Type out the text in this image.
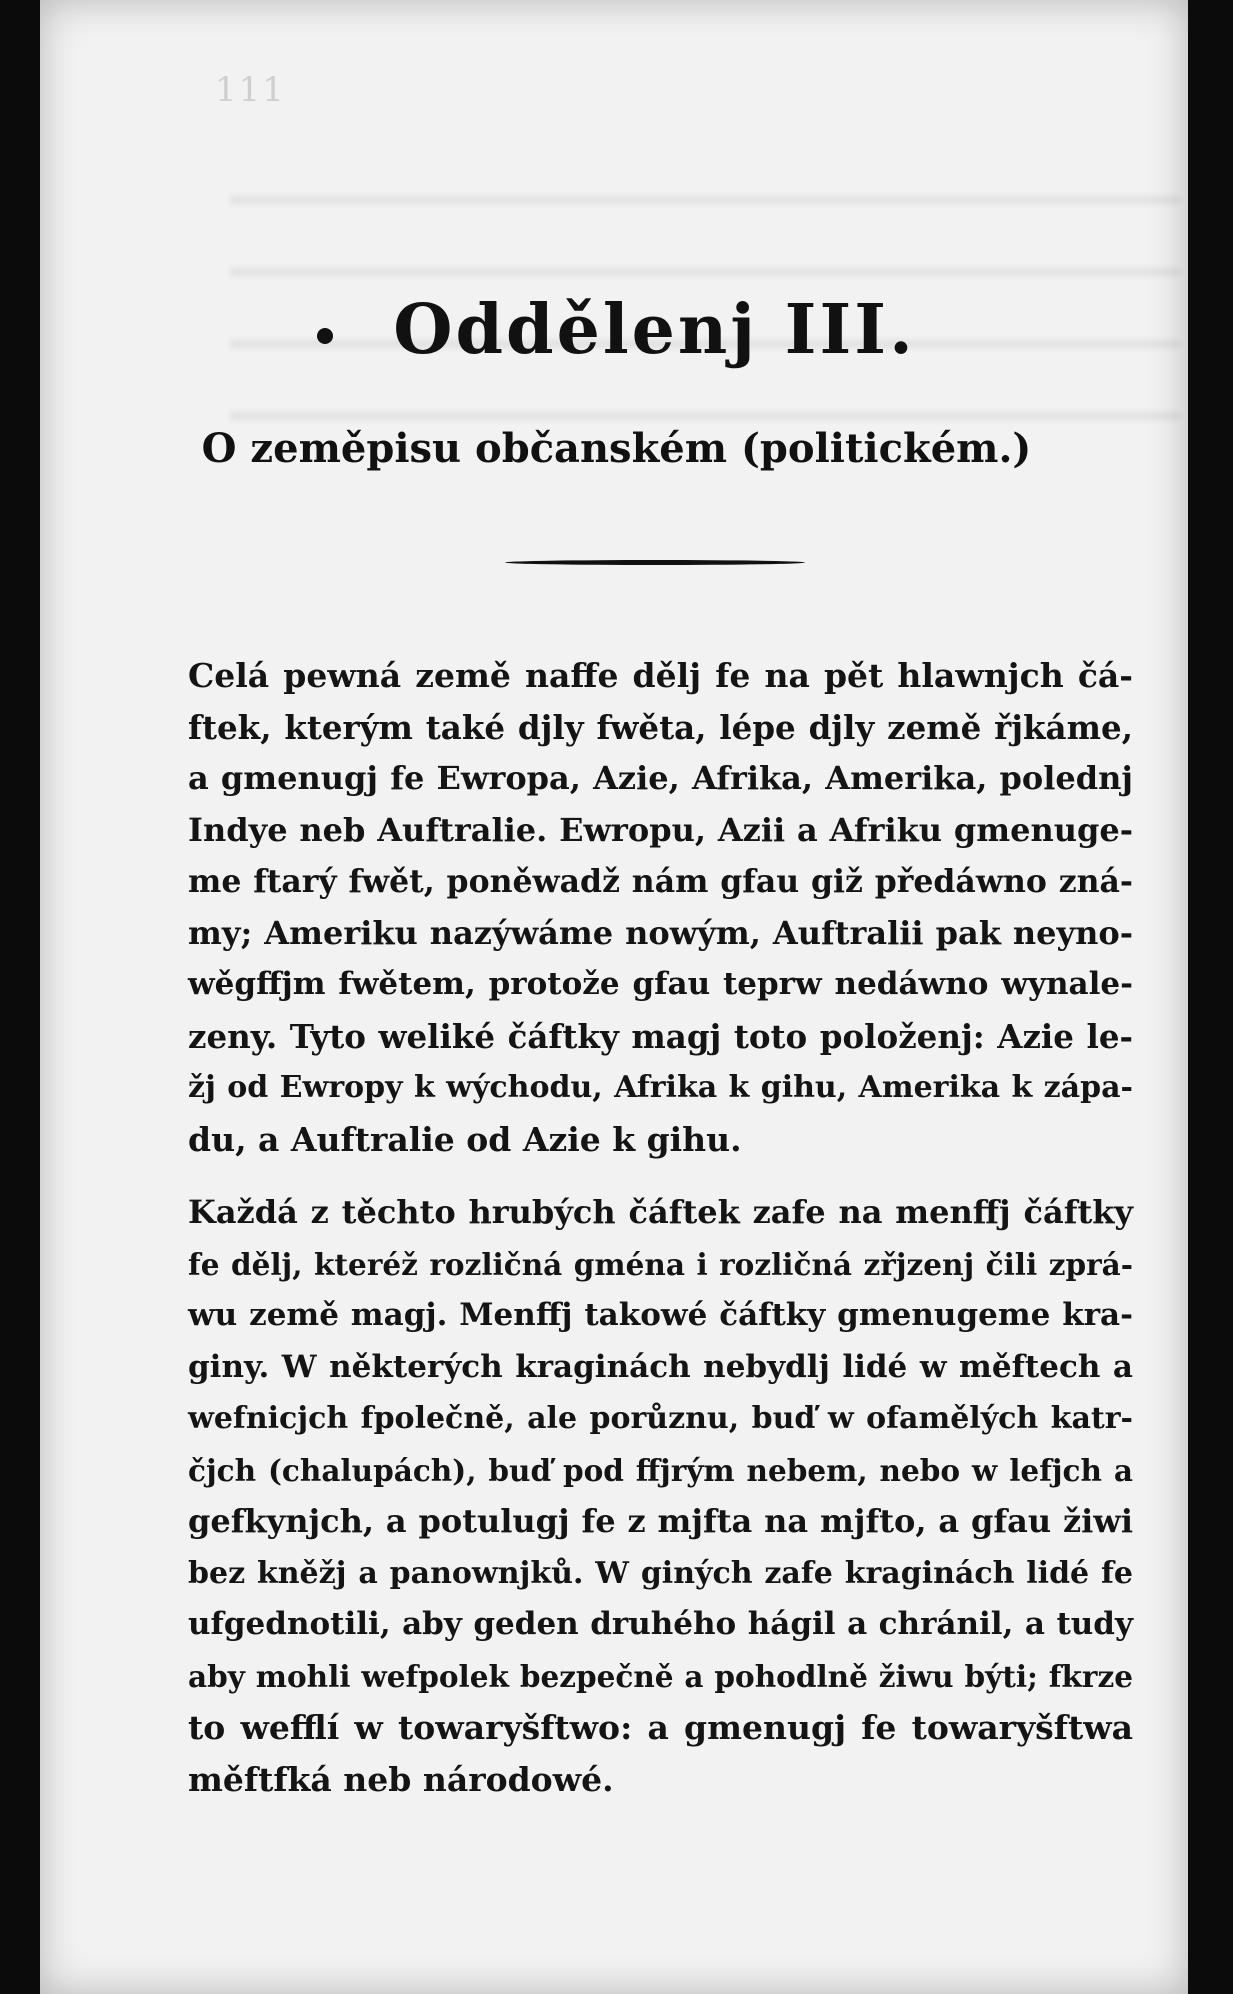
111
Oddělenj III.
O zeměpisu občanském (politickém.)
Celá pewná země naffe dělj fe na pět hlawnjch čá-
ftek, kterým také djly fwěta, lépe djly země řjkáme,
a gmenugj fe Ewropa, Azie, Afrika, Amerika, polednj
Indye neb Auftralie. Ewropu, Azii a Afriku gmenuge-
me ftarý fwět, poněwadž nám gfau giž předáwno zná-
my; Ameriku nazýwáme nowým, Auftralii pak neyno-
wěgffjm fwětem, protože gfau teprw nedáwno wynale-
zeny. Tyto weliké čáftky magj toto položenj: Azie le-
žj od Ewropy k wýchodu, Afrika k gihu, Amerika k zápa-
du, a Auftralie od Azie k gihu.
Každá z těchto hrubých čáftek zafe na menffj čáftky
fe dělj, kteréž rozličná gména i rozličná zřjzenj čili zprá-
wu země magj. Menffj takowé čáftky gmenugeme kra-
giny. W některých kraginách nebydlj lidé w měftech a
wefnicjch fpolečně, ale porůznu, buď w ofamělých katr-
čjch (chalupách), buď pod ffjrým nebem, nebo w lefjch a
gefkynjch, a potulugj fe z mjfta na mjfto, a gfau žiwi
bez kněžj a panownjků. W giných zafe kraginách lidé fe
ufgednotili, aby geden druhého hágil a chránil, a tudy
aby mohli wefpolek bezpečně a pohodlně žiwu býti; fkrze
to wefflí w towaryšftwo: a gmenugj fe towaryšftwa
měftfká neb národowé.
